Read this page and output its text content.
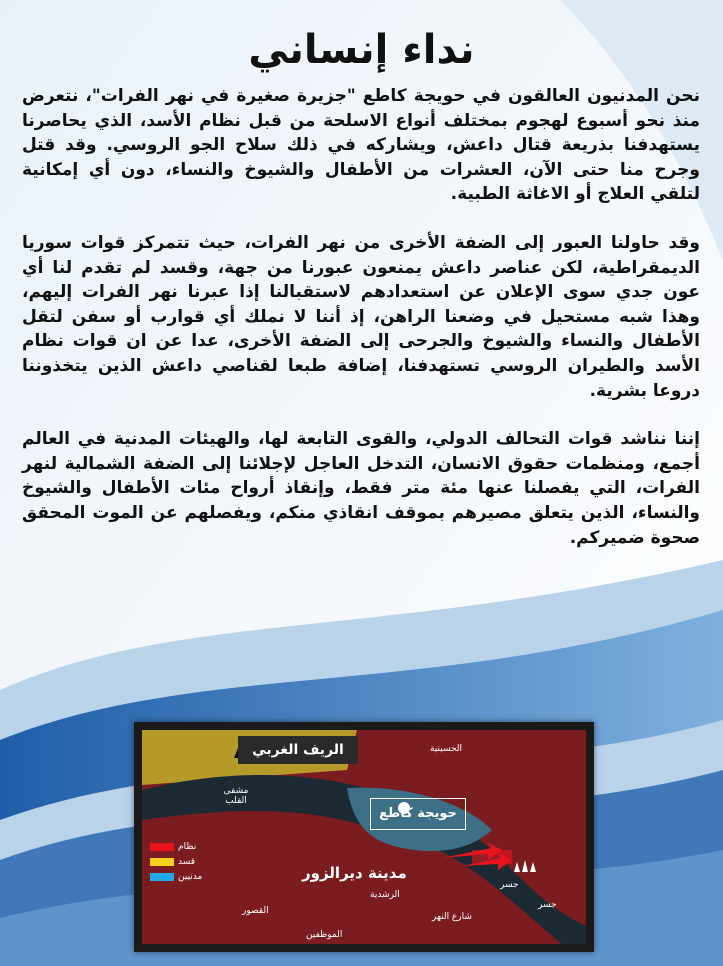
نداء إنساني

نحن المدنيون العالقون في حويجة كاطع "جزيرة صغيرة في نهر الفرات"، نتعرض منذ نحو أسبوع لهجوم بمختلف أنواع الاسلحة من قبل نظام الأسد، الذي يحاصرنا يستهدفنا بذريعة قتال داعش، ويشاركه في ذلك سلاح الجو الروسي. وقد قتل وجرح منا حتى الآن، العشرات من الأطفال والشيوخ والنساء، دون أي إمكانية لتلقي العلاج أو الاغاثة الطبية.

وقد حاولنا العبور إلى الضفة الأخرى من نهر الفرات، حيث تتمركز قوات سوريا الديمقراطية، لكن عناصر داعش يمنعون عبورنا من جهة، وقسد لم تقدم لنا أي عون جدي سوى الإعلان عن استعدادهم لاستقبالنا إذا عبرنا نهر الفرات إليهم، وهذا شبه مستحيل في وضعنا الراهن، إذ أننا لا نملك أي قوارب أو سفن لتقل الأطفال والنساء والشيوخ والجرحى إلى الضفة الأخرى، عدا عن ان قوات نظام الأسد والطيران الروسي تستهدفنا، إضافة طبعا لقناصي داعش الذين يتخذوننا دروعا بشرية.

إننا نناشد قوات التحالف الدولي، والقوى التابعة لها، والهيئات المدنية في العالم أجمع، ومنظمات حقوق الانسان، التدخل العاجل لإجلائنا إلى الضفة الشمالية لنهر الفرات، التي يفصلنا عنها مئة متر فقط، وإنقاذ أرواح مئات الأطفال والشيوخ والنساء، الذين يتعلق مصيرهم بموقف انقاذي منكم، ويفصلهم عن الموت المحقق صحوة ضميركم.

الريف الغربي	الحسينية
حويجة كاطع
مشفى القلب
مدينة ديرالزور
الرشدية
القصور
شارع النهر
الموظفين
جسر
جسر
نظام
قسد
مدنيين
